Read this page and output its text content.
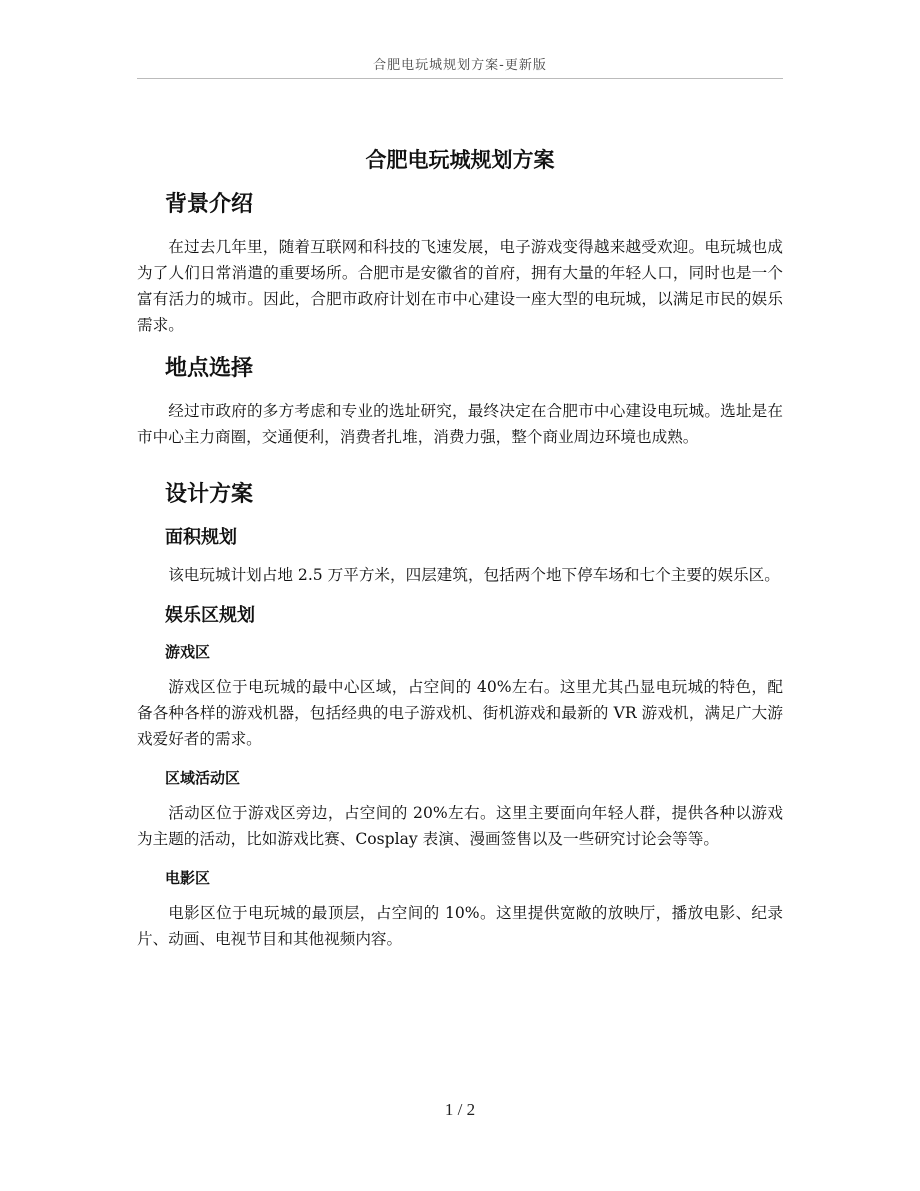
合肥电玩城规划方案-更新版
合肥电玩城规划方案
背景介绍

在过去几年里，随着互联网和科技的飞速发展，电子游戏变得越来越受欢迎。电玩城也成为了人们日常消遣的重要场所。合肥市是安徽省的首府，拥有大量的年轻人口，同时也是一个富有活力的城市。因此，合肥市政府计划在市中心建设一座大型的电玩城，以满足市民的娱乐需求。

地点选择

经过市政府的多方考虑和专业的选址研究，最终决定在合肥市中心建设电玩城。选址是在市中心主力商圈，交通便利，消费者扎堆，消费力强，整个商业周边环境也成熟。

设计方案
面积规划

该电玩城计划占地 2.5 万平方米，四层建筑，包括两个地下停车场和七个主要的娱乐区。

娱乐区规划
游戏区

游戏区位于电玩城的最中心区域，占空间的 40%左右。这里尤其凸显电玩城的特色，配备各种各样的游戏机器，包括经典的电子游戏机、街机游戏和最新的 VR 游戏机，满足广大游戏爱好者的需求。

区域活动区

活动区位于游戏区旁边，占空间的 20%左右。这里主要面向年轻人群，提供各种以游戏为主题的活动，比如游戏比赛、Cosplay 表演、漫画签售以及一些研究讨论会等等。

电影区

电影区位于电玩城的最顶层，占空间的 10%。这里提供宽敞的放映厅，播放电影、纪录片、动画、电视节目和其他视频内容。

1 / 2
